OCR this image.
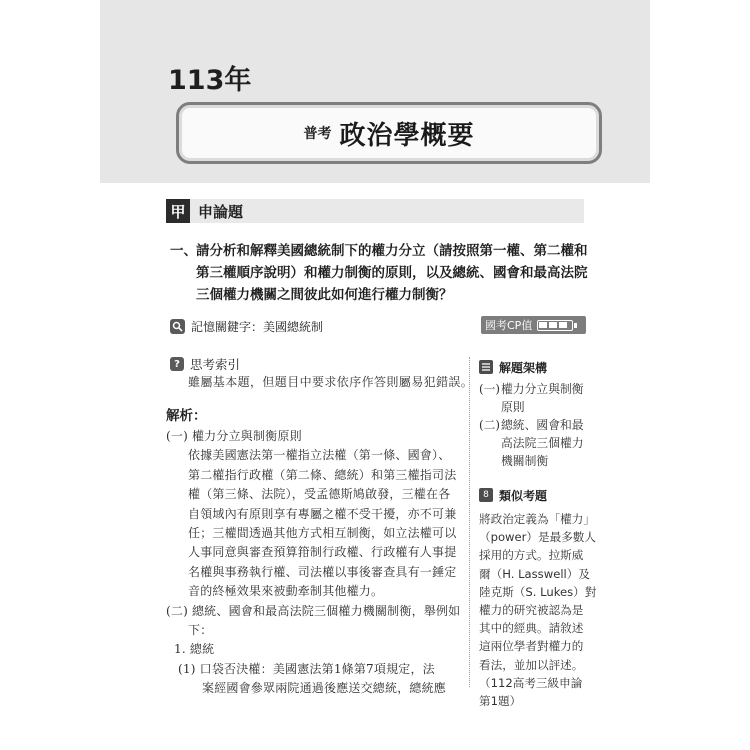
113年
普考 政治學概要
甲 申論題
一、 請分析和解釋美國總統制下的權力分立（請按照第一權、第二權和
第三權順序說明）和權力制衡的原則，以及總統、國會和最高法院
三個權力機關之間彼此如何進行權力制衡？
記憶關鍵字：美國總統制	國考CP值
? 思考索引
雖屬基本題，但題目中要求依序作答則屬易犯錯誤。
解析：
(一) 權力分立與制衡原則
依據美國憲法第一權指立法權（第一條、國會）、
第二權指行政權（第二條、總統）和第三權指司法
權（第三條、法院），受孟德斯鳩啟發，三權在各
自領域內有原則享有專屬之權不受干擾，亦不可兼
任；三權間透過其他方式相互制衡，如立法權可以
人事同意與審查預算箝制行政權、行政權有人事提
名權與事務執行權、司法權以事後審查具有一錘定
音的終極效果來被動牽制其他權力。
(二) 總統、國會和最高法院三個權力機關制衡，舉例如
下：
1. 總統
(1) 口袋否決權：美國憲法第1條第7項規定，法
案經國會參眾兩院通過後應送交總統，總統應
解題架構
(一) 權力分立與制衡
原則
(二) 總統、國會和最
高法院三個權力
機關制衡
8 類似考題
將政治定義為「權力」
（power）是最多數人
採用的方式。拉斯威
爾（H. Lasswell）及
陸克斯（S. Lukes）對
權力的研究被認為是
其中的經典。請敘述
這兩位學者對權力的
看法，並加以評述。
（112高考三級申論
第1題）
